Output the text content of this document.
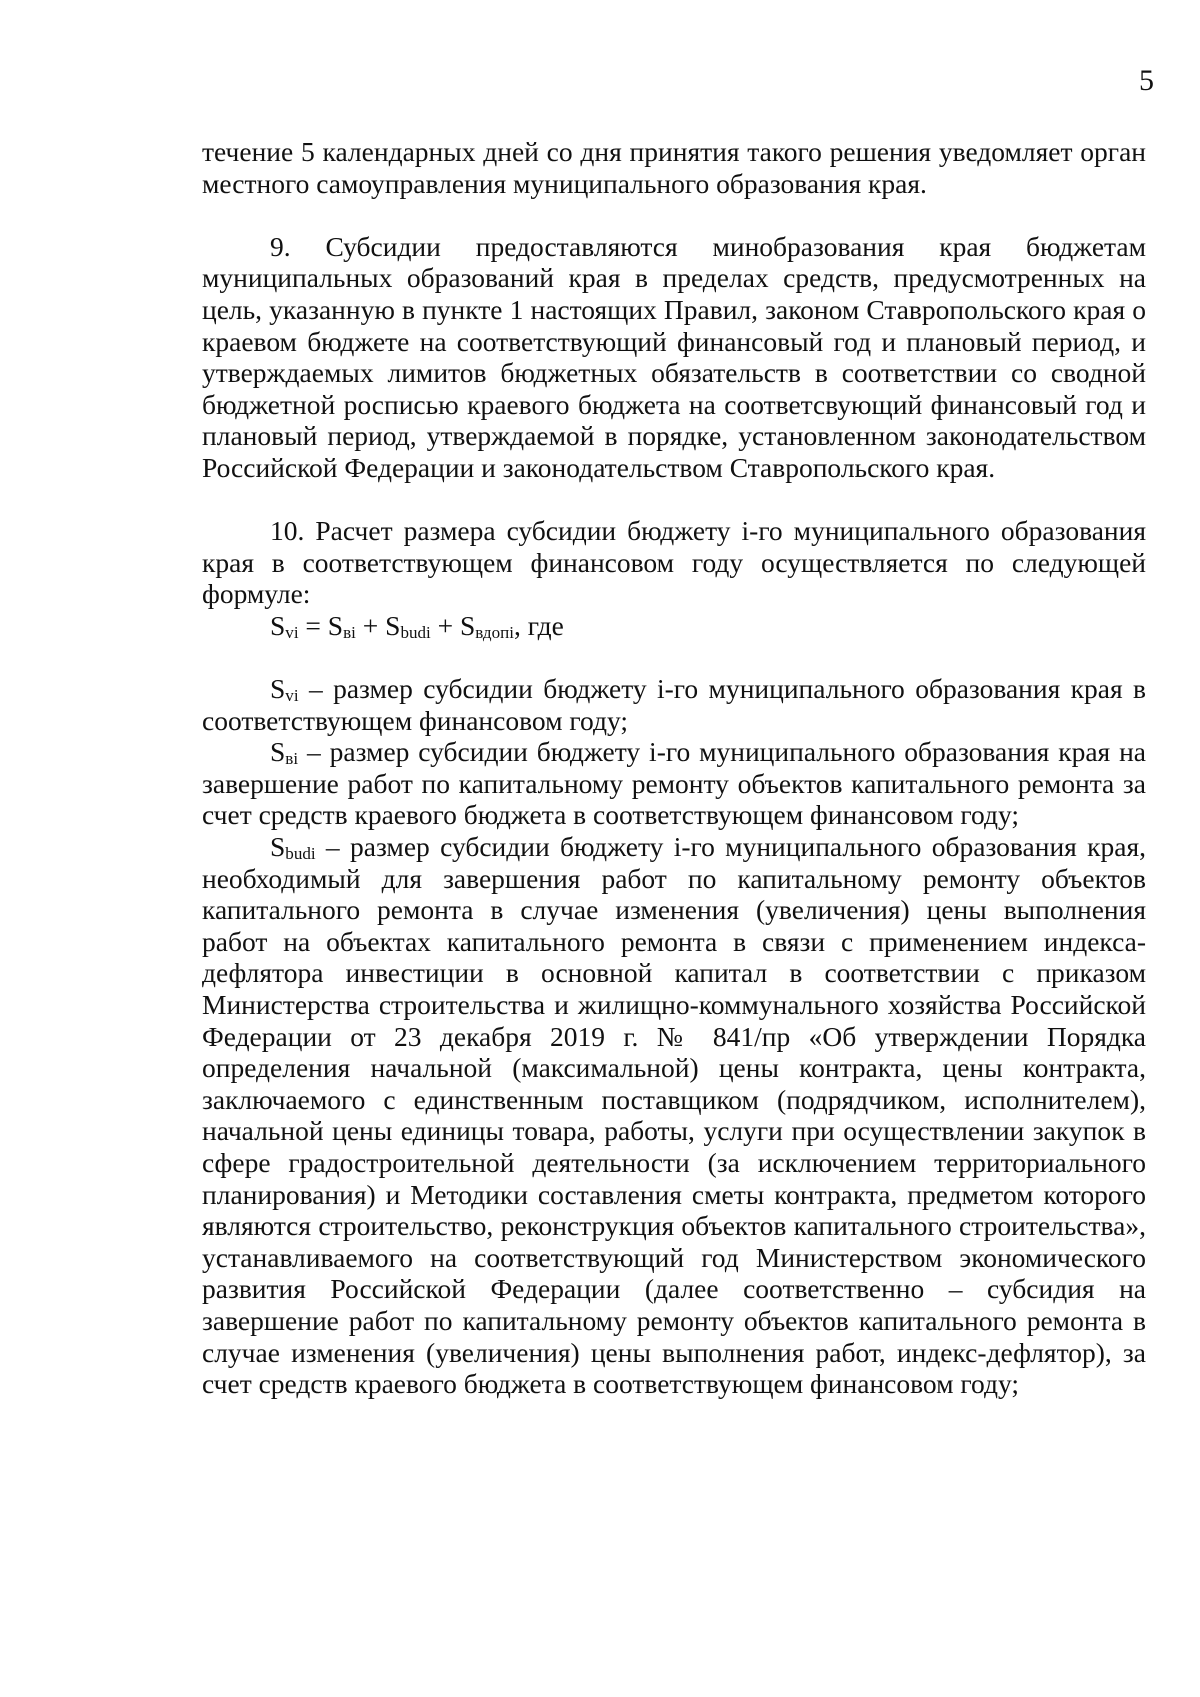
5

течение 5 календарных дней со дня принятия такого решения уведомляет орган местного самоуправления муниципального образования края.

9. Субсидии предоставляются минобразования края бюджетам муниципальных образований края в пределах средств, предусмотренных на цель, указанную в пункте 1 настоящих Правил, законом Ставропольского края о краевом бюджете на соответствующий финансовый год и плановый период, и утверждаемых лимитов бюджетных обязательств в соответствии со сводной бюджетной росписью краевого бюджета на соответсвующий финансовый год и плановый период, утверждаемой в порядке, установленном законодательством Российской Федерации и законодательством Ставропольского края.

10. Расчет размера субсидии бюджету i-го муниципального образования края в соответствующем финансовом году осуществляется по следующей формуле:

$S_{vi} = S_{вi} + S_{budi} + S_{вдопi}$, где

$S_{vi}$ – размер субсидии бюджету i-го муниципального образования края в соответствующем финансовом году;

$S_{вi}$ – размер субсидии бюджету i-го муниципального образования края на завершение работ по капитальному ремонту объектов капитального ремонта за счет средств краевого бюджета в соответствующем финансовом году;

$S_{budi}$ – размер субсидии бюджету i-го муниципального образования края, необходимый для завершения работ по капитальному ремонту объектов капитального ремонта в случае изменения (увеличения) цены выполнения работ на объектах капитального ремонта в связи с применением индекса-дефлятора инвестиции в основной капитал в соответствии с приказом Министерства строительства и жилищно-коммунального хозяйства Российской Федерации от 23 декабря 2019 г. № 841/пр «Об утверждении Порядка определения начальной (максимальной) цены контракта, цены контракта, заключаемого с единственным поставщиком (подрядчиком, исполнителем), начальной цены единицы товара, работы, услуги при осуществлении закупок в сфере градостроительной деятельности (за исключением территориального планирования) и Методики составления сметы контракта, предметом которого являются строительство, реконструкция объектов капитального строительства», устанавливаемого на соответствующий год Министерством экономического развития Российской Федерации (далее соответственно – субсидия на завершение работ по капитальному ремонту объектов капитального ремонта в случае изменения (увеличения) цены выполнения работ, индекс-дефлятор), за счет средств краевого бюджета в соответствующем финансовом году;
